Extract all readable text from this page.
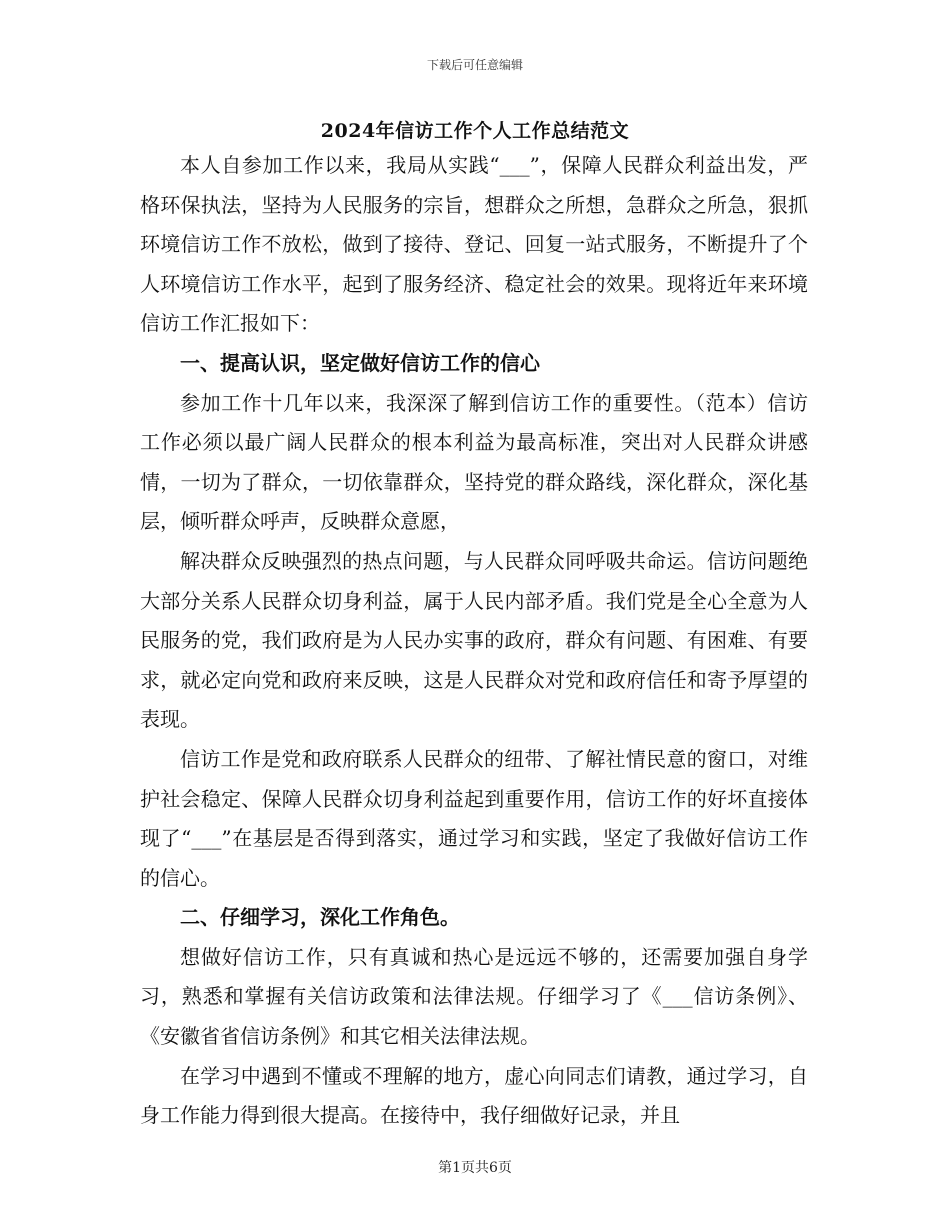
下载后可任意编辑
2024年信访工作个人工作总结范文

本人自参加工作以来，我局从实践“___”，保障人民群众利益出发，严格环保执法，坚持为人民服务的宗旨，想群众之所想，急群众之所急，狠抓环境信访工作不放松，做到了接待、登记、回复一站式服务，不断提升了个人环境信访工作水平，起到了服务经济、稳定社会的效果。现将近年来环境信访工作汇报如下：

一、提高认识，坚定做好信访工作的信心

参加工作十几年以来，我深深了解到信访工作的重要性。（范本）信访工作必须以最广阔人民群众的根本利益为最高标准，突出对人民群众讲感情，一切为了群众，一切依靠群众，坚持党的群众路线，深化群众，深化基层，倾听群众呼声，反映群众意愿，

解决群众反映强烈的热点问题，与人民群众同呼吸共命运。信访问题绝大部分关系人民群众切身利益，属于人民内部矛盾。我们党是全心全意为人民服务的党，我们政府是为人民办实事的政府，群众有问题、有困难、有要求，就必定向党和政府来反映，这是人民群众对党和政府信任和寄予厚望的表现。

信访工作是党和政府联系人民群众的纽带、了解社情民意的窗口，对维护社会稳定、保障人民群众切身利益起到重要作用，信访工作的好坏直接体现了“___”在基层是否得到落实，通过学习和实践，坚定了我做好信访工作的信心。

二、仔细学习，深化工作角色。

想做好信访工作，只有真诚和热心是远远不够的，还需要加强自身学习，熟悉和掌握有关信访政策和法律法规。仔细学习了《___信访条例》、《安徽省省信访条例》和其它相关法律法规。

在学习中遇到不懂或不理解的地方，虚心向同志们请教，通过学习，自身工作能力得到很大提高。在接待中，我仔细做好记录，并且

第1页共6页
